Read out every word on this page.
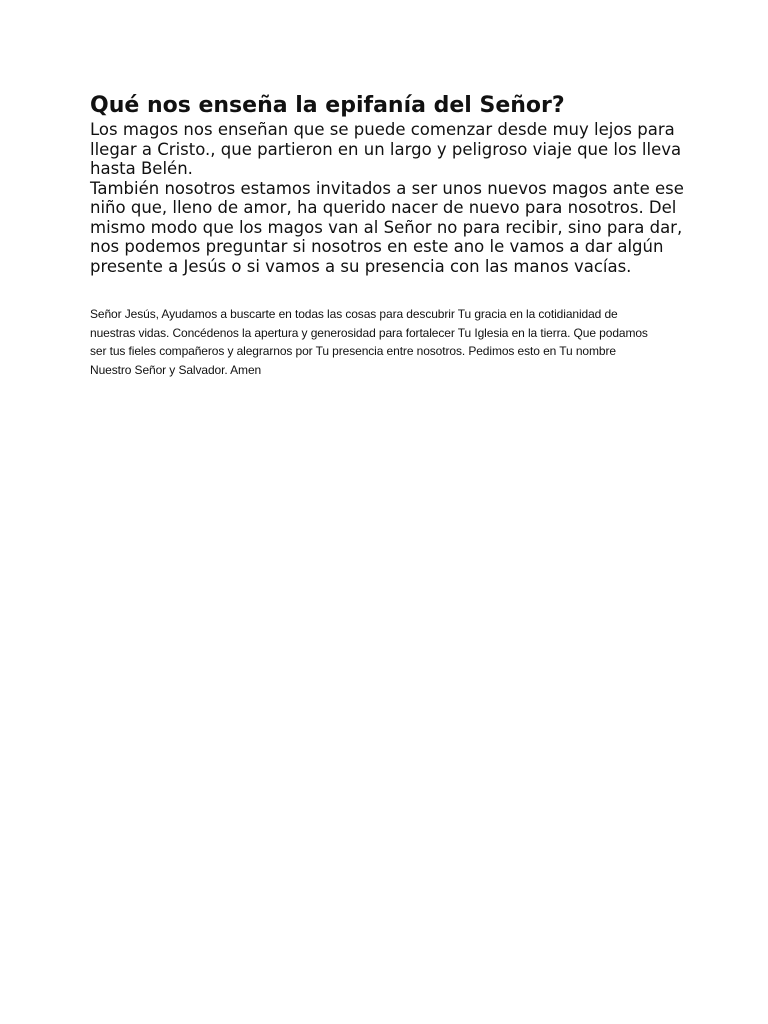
Qué nos enseña la epifanía del Señor?

Los magos nos enseñan que se puede comenzar desde muy lejos para llegar a Cristo., que partieron en un largo y peligroso viaje que los lleva hasta Belén.
También nosotros estamos invitados a ser unos nuevos magos ante ese niño que, lleno de amor, ha querido nacer de nuevo para nosotros. Del mismo modo que los magos van al Señor no para recibir, sino para dar, nos podemos preguntar si nosotros en este ano le vamos a dar algún presente a Jesús o si vamos a su presencia con las manos vacías.

Señor Jesús, Ayudamos a buscarte en todas las cosas para descubrir Tu gracia en la cotidianidad de nuestras vidas. Concédenos la apertura y generosidad para fortalecer Tu Iglesia en la tierra. Que podamos ser tus fieles compañeros y alegrarnos por Tu presencia entre nosotros. Pedimos esto en Tu nombre Nuestro Señor y Salvador. Amen
